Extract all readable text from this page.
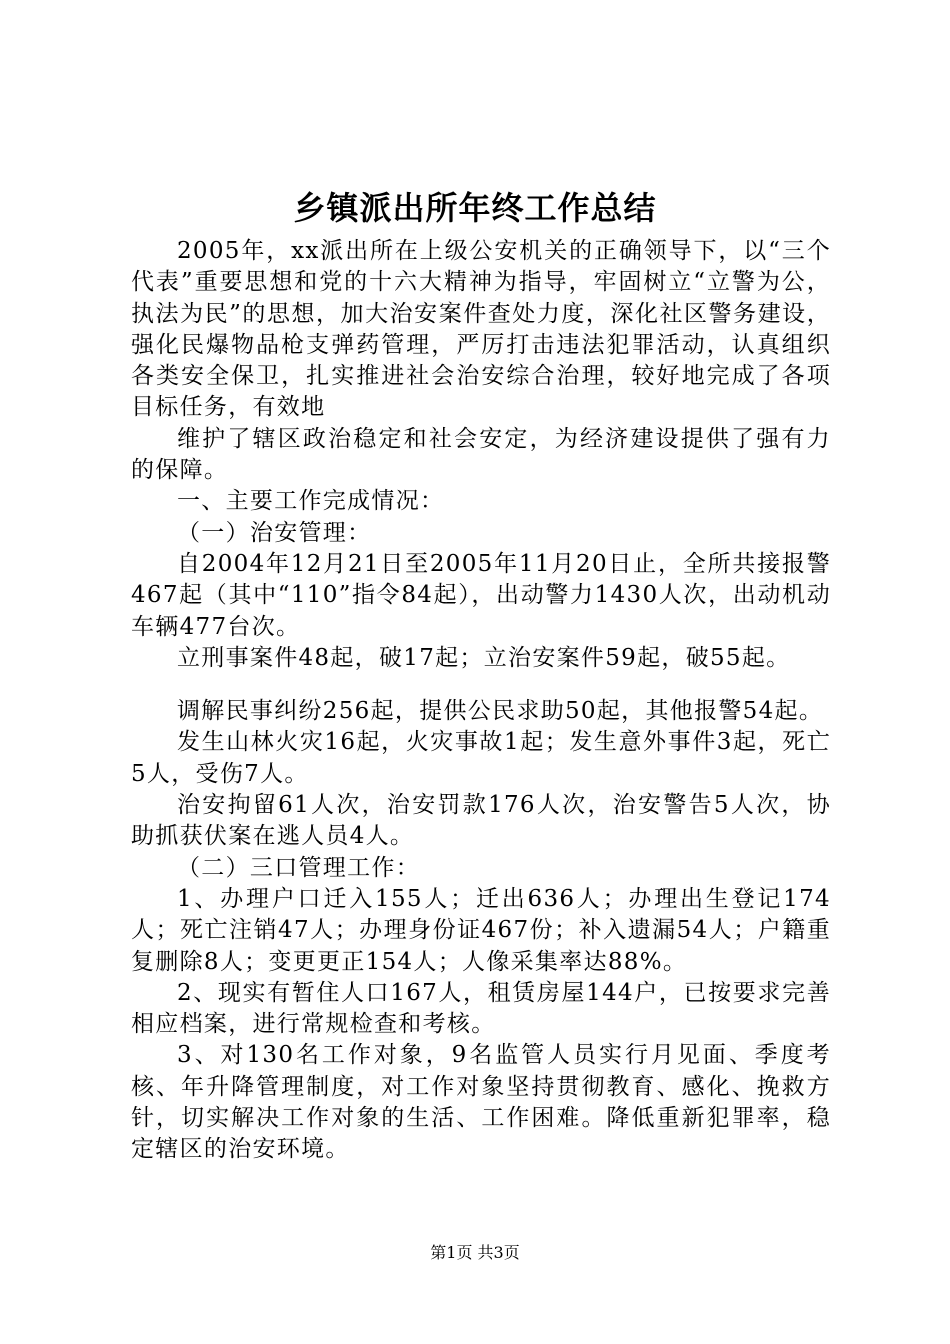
乡镇派出所年终工作总结

2005年，xx派出所在上级公安机关的正确领导下，以“三个代表”重要思想和党的十六大精神为指导，牢固树立“立警为公，执法为民”的思想，加大治安案件查处力度，深化社区警务建设，强化民爆物品枪支弹药管理，严厉打击违法犯罪活动，认真组织各类安全保卫，扎实推进社会治安综合治理，较好地完成了各项目标任务，有效地

维护了辖区政治稳定和社会安定，为经济建设提供了强有力的保障。

一、主要工作完成情况：

（一）治安管理：

自2004年12月21日至2005年11月20日止，全所共接报警467起（其中“110”指令84起），出动警力1430人次，出动机动车辆477台次。

立刑事案件48起，破17起；立治安案件59起，破55起。

调解民事纠纷256起，提供公民求助50起，其他报警54起。

发生山林火灾16起，火灾事故1起；发生意外事件3起，死亡5人，受伤7人。

治安拘留61人次，治安罚款176人次，治安警告5人次，协助抓获伏案在逃人员4人。

（二）三口管理工作：

1、办理户口迁入155人；迁出636人；办理出生登记174人；死亡注销47人；办理身份证467份；补入遗漏54人；户籍重复删除8人；变更更正154人；人像采集率达88%。

2、现实有暂住人口167人，租赁房屋144户，已按要求完善相应档案，进行常规检查和考核。

3、对130名工作对象，9名监管人员实行月见面、季度考核、年升降管理制度，对工作对象坚持贯彻教育、感化、挽救方针，切实解决工作对象的生活、工作困难。降低重新犯罪率，稳定辖区的治安环境。

第1页 共3页
